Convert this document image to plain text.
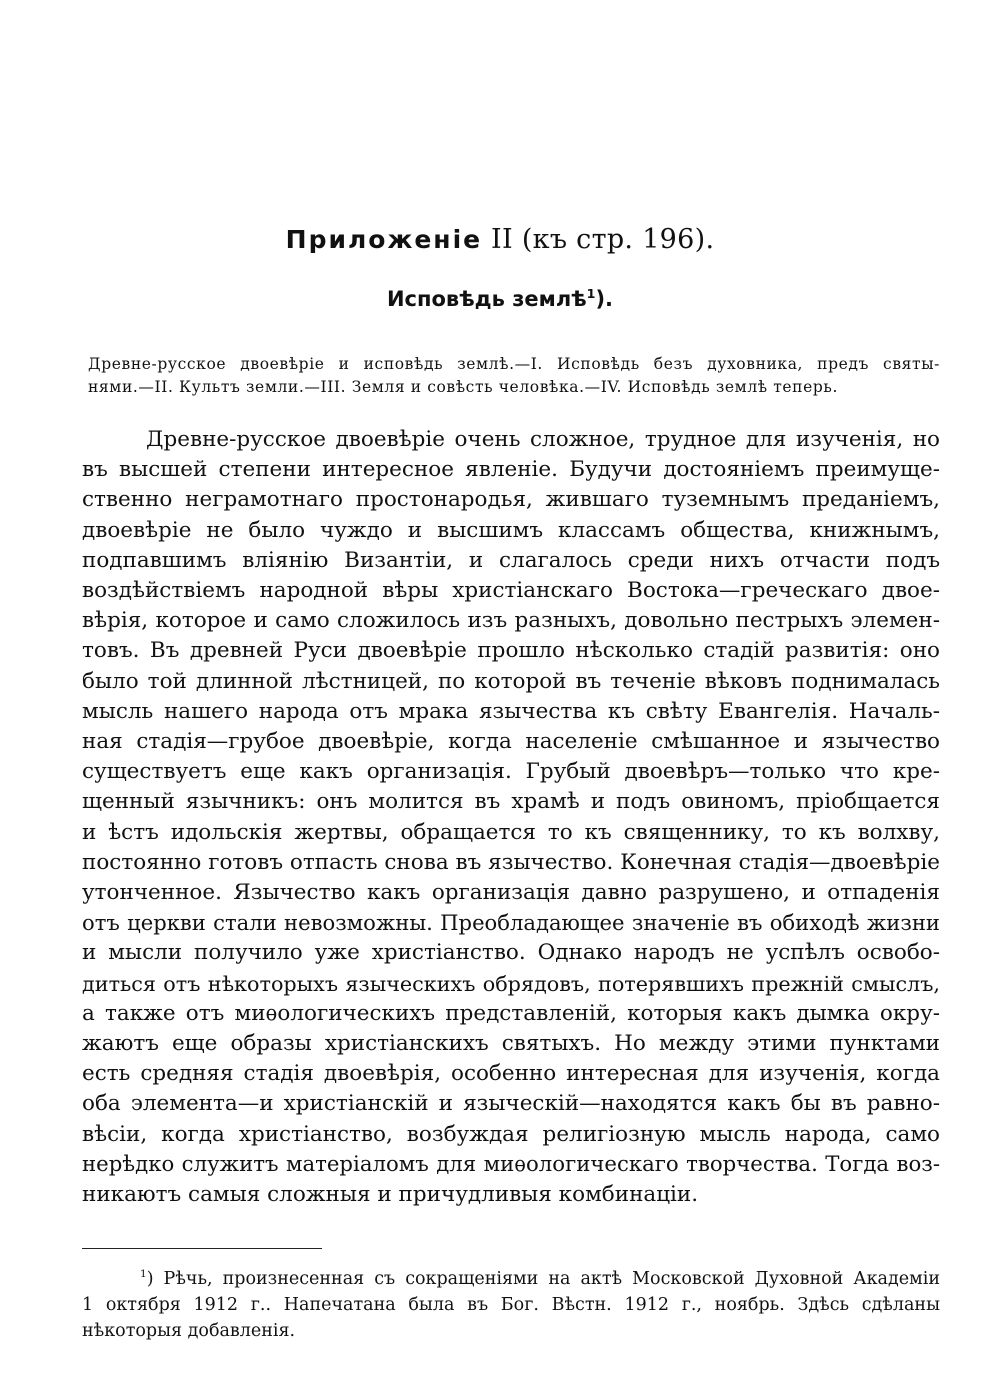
Приложеніе II (къ стр. 196).
Исповѣдь землѣ$^1$).
Древне-русское двоевѣріе и исповѣдь землѣ.—I. Исповѣдь безъ духовника, предъ святы-
нями.—II. Культъ земли.—III. Земля и совѣсть человѣка.—IV. Исповѣдь землѣ теперь.
Древне-русское двоевѣріе очень сложное, трудное для изученія, но
въ высшей степени интересное явленіе. Будучи достояніемъ преимуще-
ственно неграмотнаго простонародья, жившаго туземнымъ преданіемъ,
двоевѣріе не было чуждо и высшимъ классамъ общества, книжнымъ,
подпавшимъ вліянію Византіи, и слагалось среди нихъ отчасти подъ
воздѣйствіемъ народной вѣры христіанскаго Востока—греческаго двое-
вѣрія, которое и само сложилось изъ разныхъ, довольно пестрыхъ элемен-
товъ. Въ древней Руси двоевѣріе прошло нѣсколько стадій развитія: оно
было той длинной лѣстницей, по которой въ теченіе вѣковъ поднималась
мысль нашего народа отъ мрака язычества къ свѣту Евангелія. Началь-
ная стадія—грубое двоевѣріе, когда населеніе смѣшанное и язычество
существуетъ еще какъ организація. Грубый двоевѣръ—только что кре-
щенный язычникъ: онъ молится въ храмѣ и подъ овиномъ, пріобщается
и ѣстъ идольскія жертвы, обращается то къ священнику, то къ волхву,
постоянно готовъ отпасть снова въ язычество. Конечная стадія—двоевѣріе
утонченное. Язычество какъ организація давно разрушено, и отпаденія
отъ церкви стали невозможны. Преобладающее значеніе въ обиходѣ жизни
и мысли получило уже христіанство. Однако народъ не успѣлъ освобо-
диться отъ нѣкоторыхъ языческихъ обрядовъ, потерявшихъ прежній смыслъ,
а также отъ миѳологическихъ представленій, которыя какъ дымка окру-
жаютъ еще образы христіанскихъ святыхъ. Но между этими пунктами
есть средняя стадія двоевѣрія, особенно интересная для изученія, когда
оба элемента—и христіанскій и языческій—находятся какъ бы въ равно-
вѣсіи, когда христіанство, возбуждая религіозную мысль народа, само
нерѣдко служитъ матеріаломъ для миѳологическаго творчества. Тогда воз-
никаютъ самыя сложныя и причудливыя комбинаціи.
$^1$) Рѣчь, произнесенная съ сокращеніями на актѣ Московской Духовной Академіи
1 октября 1912 г.. Напечатана была въ Бог. Вѣстн. 1912 г., ноябрь. Здѣсь сдѣланы
нѣкоторыя добавленія.
